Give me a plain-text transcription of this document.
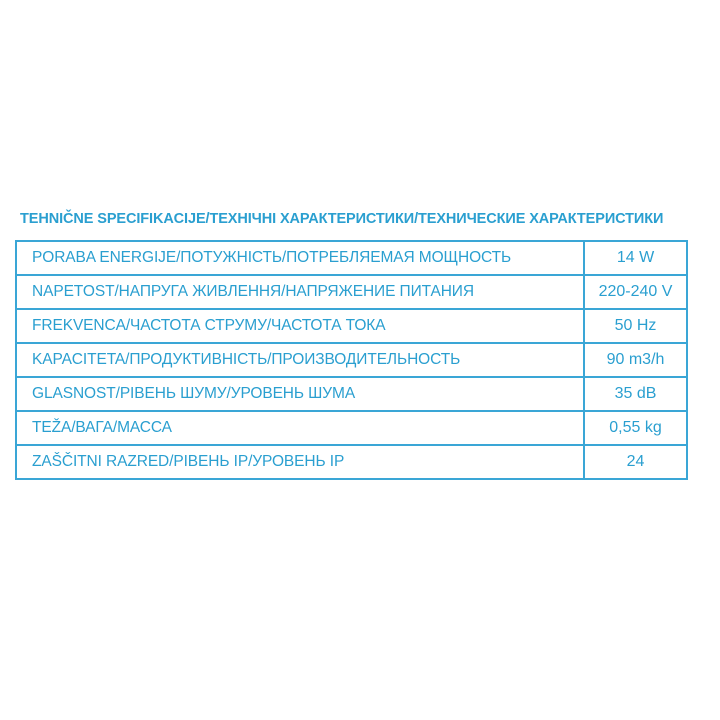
TEHNIČNE SPECIFIKACIJE/ТЕХНІЧНІ ХАРАКТЕРИСТИКИ/ТЕХНИЧЕСКИЕ ХАРАКТЕРИСТИКИ
PORABA ENERGIJE/ПОТУЖНІСТЬ/ПОТРЕБЛЯЕМАЯ МОЩНОСТЬ	14 W
NAPETOST/НАПРУГА ЖИВЛЕННЯ/НАПРЯЖЕНИЕ ПИТАНИЯ	220-240 V
FREKVENCA/ЧАСТОТА СТРУМУ/ЧАСТОТА ТОКА	50 Hz
KAPACITETA/ПРОДУКТИВНІСТЬ/ПРОИЗВОДИТЕЛЬНОСТЬ	90 m3/h
GLASNOST/РІВЕНЬ ШУМУ/УРОВЕНЬ ШУМА	35 dB
TEŽA/ВАГА/МАССА	0,55 kg
ZAŠČITNI RAZRED/РІВЕНЬ IP/УРОВЕНЬ IP	24
